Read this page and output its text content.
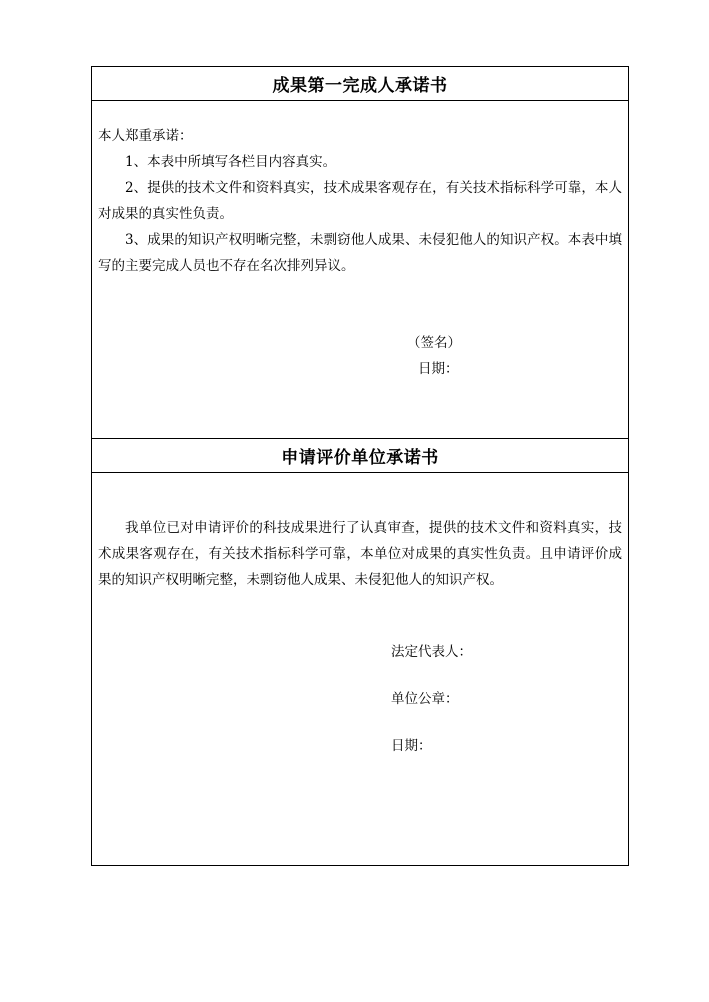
成果第一完成人承诺书

本人郑重承诺：

1、本表中所填写各栏目内容真实。

2、提供的技术文件和资料真实，技术成果客观存在，有关技术指标科学可靠，本人对成果的真实性负责。

3、成果的知识产权明晰完整，未剽窃他人成果、未侵犯他人的知识产权。本表中填写的主要完成人员也不存在名次排列异议。

（签名）
日期：
申请评价单位承诺书

我单位已对申请评价的科技成果进行了认真审查，提供的技术文件和资料真实，技术成果客观存在，有关技术指标科学可靠，本单位对成果的真实性负责。且申请评价成果的知识产权明晰完整，未剽窃他人成果、未侵犯他人的知识产权。

法定代表人：
单位公章：
日期：
